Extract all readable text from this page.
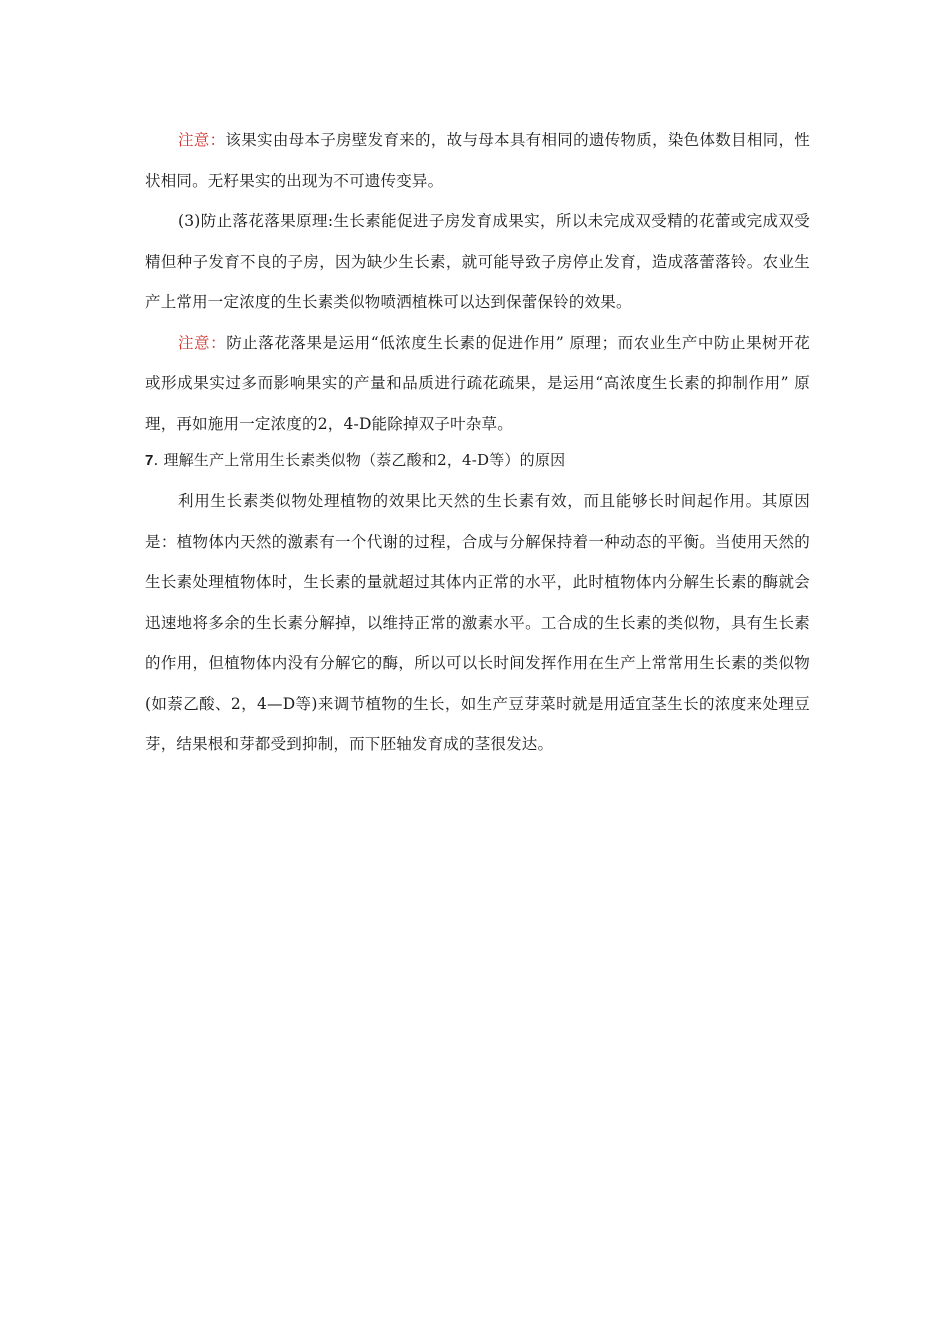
注意：该果实由母本子房壁发育来的，故与母本具有相同的遗传物质，染色体数目相同，性状相同。无籽果实的出现为不可遗传变异。

(3)防止落花落果原理:生长素能促进子房发育成果实，所以未完成双受精的花蕾或完成双受精但种子发育不良的子房，因为缺少生长素，就可能导致子房停止发育，造成落蕾落铃。农业生产上常用一定浓度的生长素类似物喷洒植株可以达到保蕾保铃的效果。

注意：防止落花落果是运用“低浓度生长素的促进作用” 原理；而农业生产中防止果树开花或形成果实过多而影响果实的产量和品质进行疏花疏果，是运用“高浓度生长素的抑制作用” 原理，再如施用一定浓度的2，4-D能除掉双子叶杂草。

7. 理解生产上常用生长素类似物（萘乙酸和2，4-D等）的原因

利用生长素类似物处理植物的效果比天然的生长素有效，而且能够长时间起作用。其原因是：植物体内天然的激素有一个代谢的过程，合成与分解保持着一种动态的平衡。当使用天然的生长素处理植物体时，生长素的量就超过其体内正常的水平，此时植物体内分解生长素的酶就会迅速地将多余的生长素分解掉，以维持正常的激素水平。工合成的生长素的类似物，具有生长素的作用，但植物体内没有分解它的酶，所以可以长时间发挥作用在生产上常常用生长素的类似物(如萘乙酸、2，4—D等)来调节植物的生长，如生产豆芽菜时就是用适宜茎生长的浓度来处理豆芽，结果根和芽都受到抑制，而下胚轴发育成的茎很发达。
